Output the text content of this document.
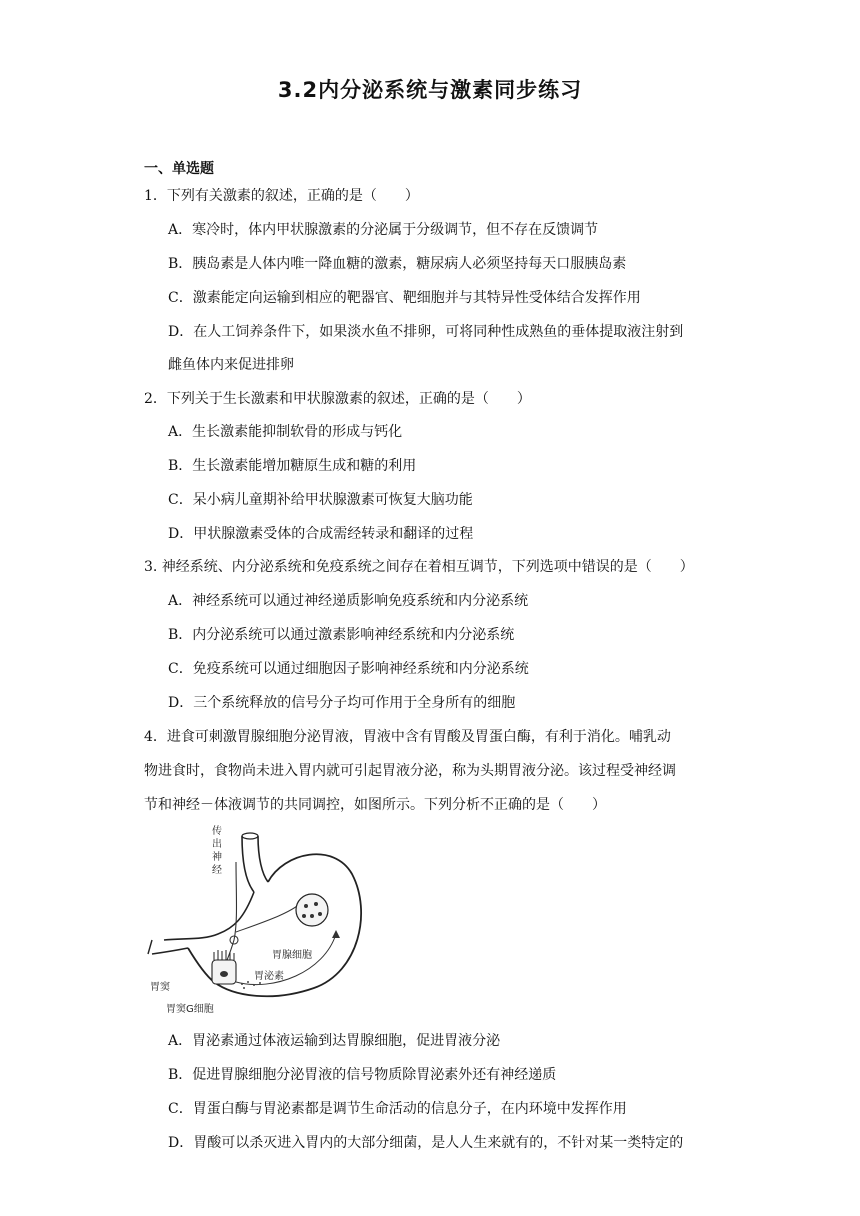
3.2内分泌系统与激素同步练习
一、单选题
1．下列有关激素的叙述，正确的是（　　）
A．寒冷时，体内甲状腺激素的分泌属于分级调节，但不存在反馈调节
B．胰岛素是人体内唯一降血糖的激素，糖尿病人必须坚持每天口服胰岛素
C．激素能定向运输到相应的靶器官、靶细胞并与其特异性受体结合发挥作用
D．在人工饲养条件下，如果淡水鱼不排卵，可将同种性成熟鱼的垂体提取液注射到
雌鱼体内来促进排卵
2．下列关于生长激素和甲状腺激素的叙述，正确的是（　　）
A．生长激素能抑制软骨的形成与钙化
B．生长激素能增加糖原生成和糖的利用
C．呆小病儿童期补给甲状腺激素可恢复大脑功能
D．甲状腺激素受体的合成需经转录和翻译的过程
3. 神经系统、内分泌系统和免疫系统之间存在着相互调节，下列选项中错误的是（　　）
A．神经系统可以通过神经递质影响免疫系统和内分泌系统
B．内分泌系统可以通过激素影响神经系统和内分泌系统
C．免疫系统可以通过细胞因子影响神经系统和内分泌系统
D．三个系统释放的信号分子均可作用于全身所有的细胞
4．进食可刺激胃腺细胞分泌胃液，胃液中含有胃酸及胃蛋白酶，有利于消化。哺乳动
物进食时，食物尚未进入胃内就可引起胃液分泌，称为头期胃液分泌。该过程受神经调
节和神经－体液调节的共同调控，如图所示。下列分析不正确的是（　　）
传
出
神
经
胃腺细胞
胃泌素
胃窦
胃窦G细胞
A．胃泌素通过体液运输到达胃腺细胞，促进胃液分泌
B．促进胃腺细胞分泌胃液的信号物质除胃泌素外还有神经递质
C．胃蛋白酶与胃泌素都是调节生命活动的信息分子，在内环境中发挥作用
D．胃酸可以杀灭进入胃内的大部分细菌，是人人生来就有的，不针对某一类特定的
